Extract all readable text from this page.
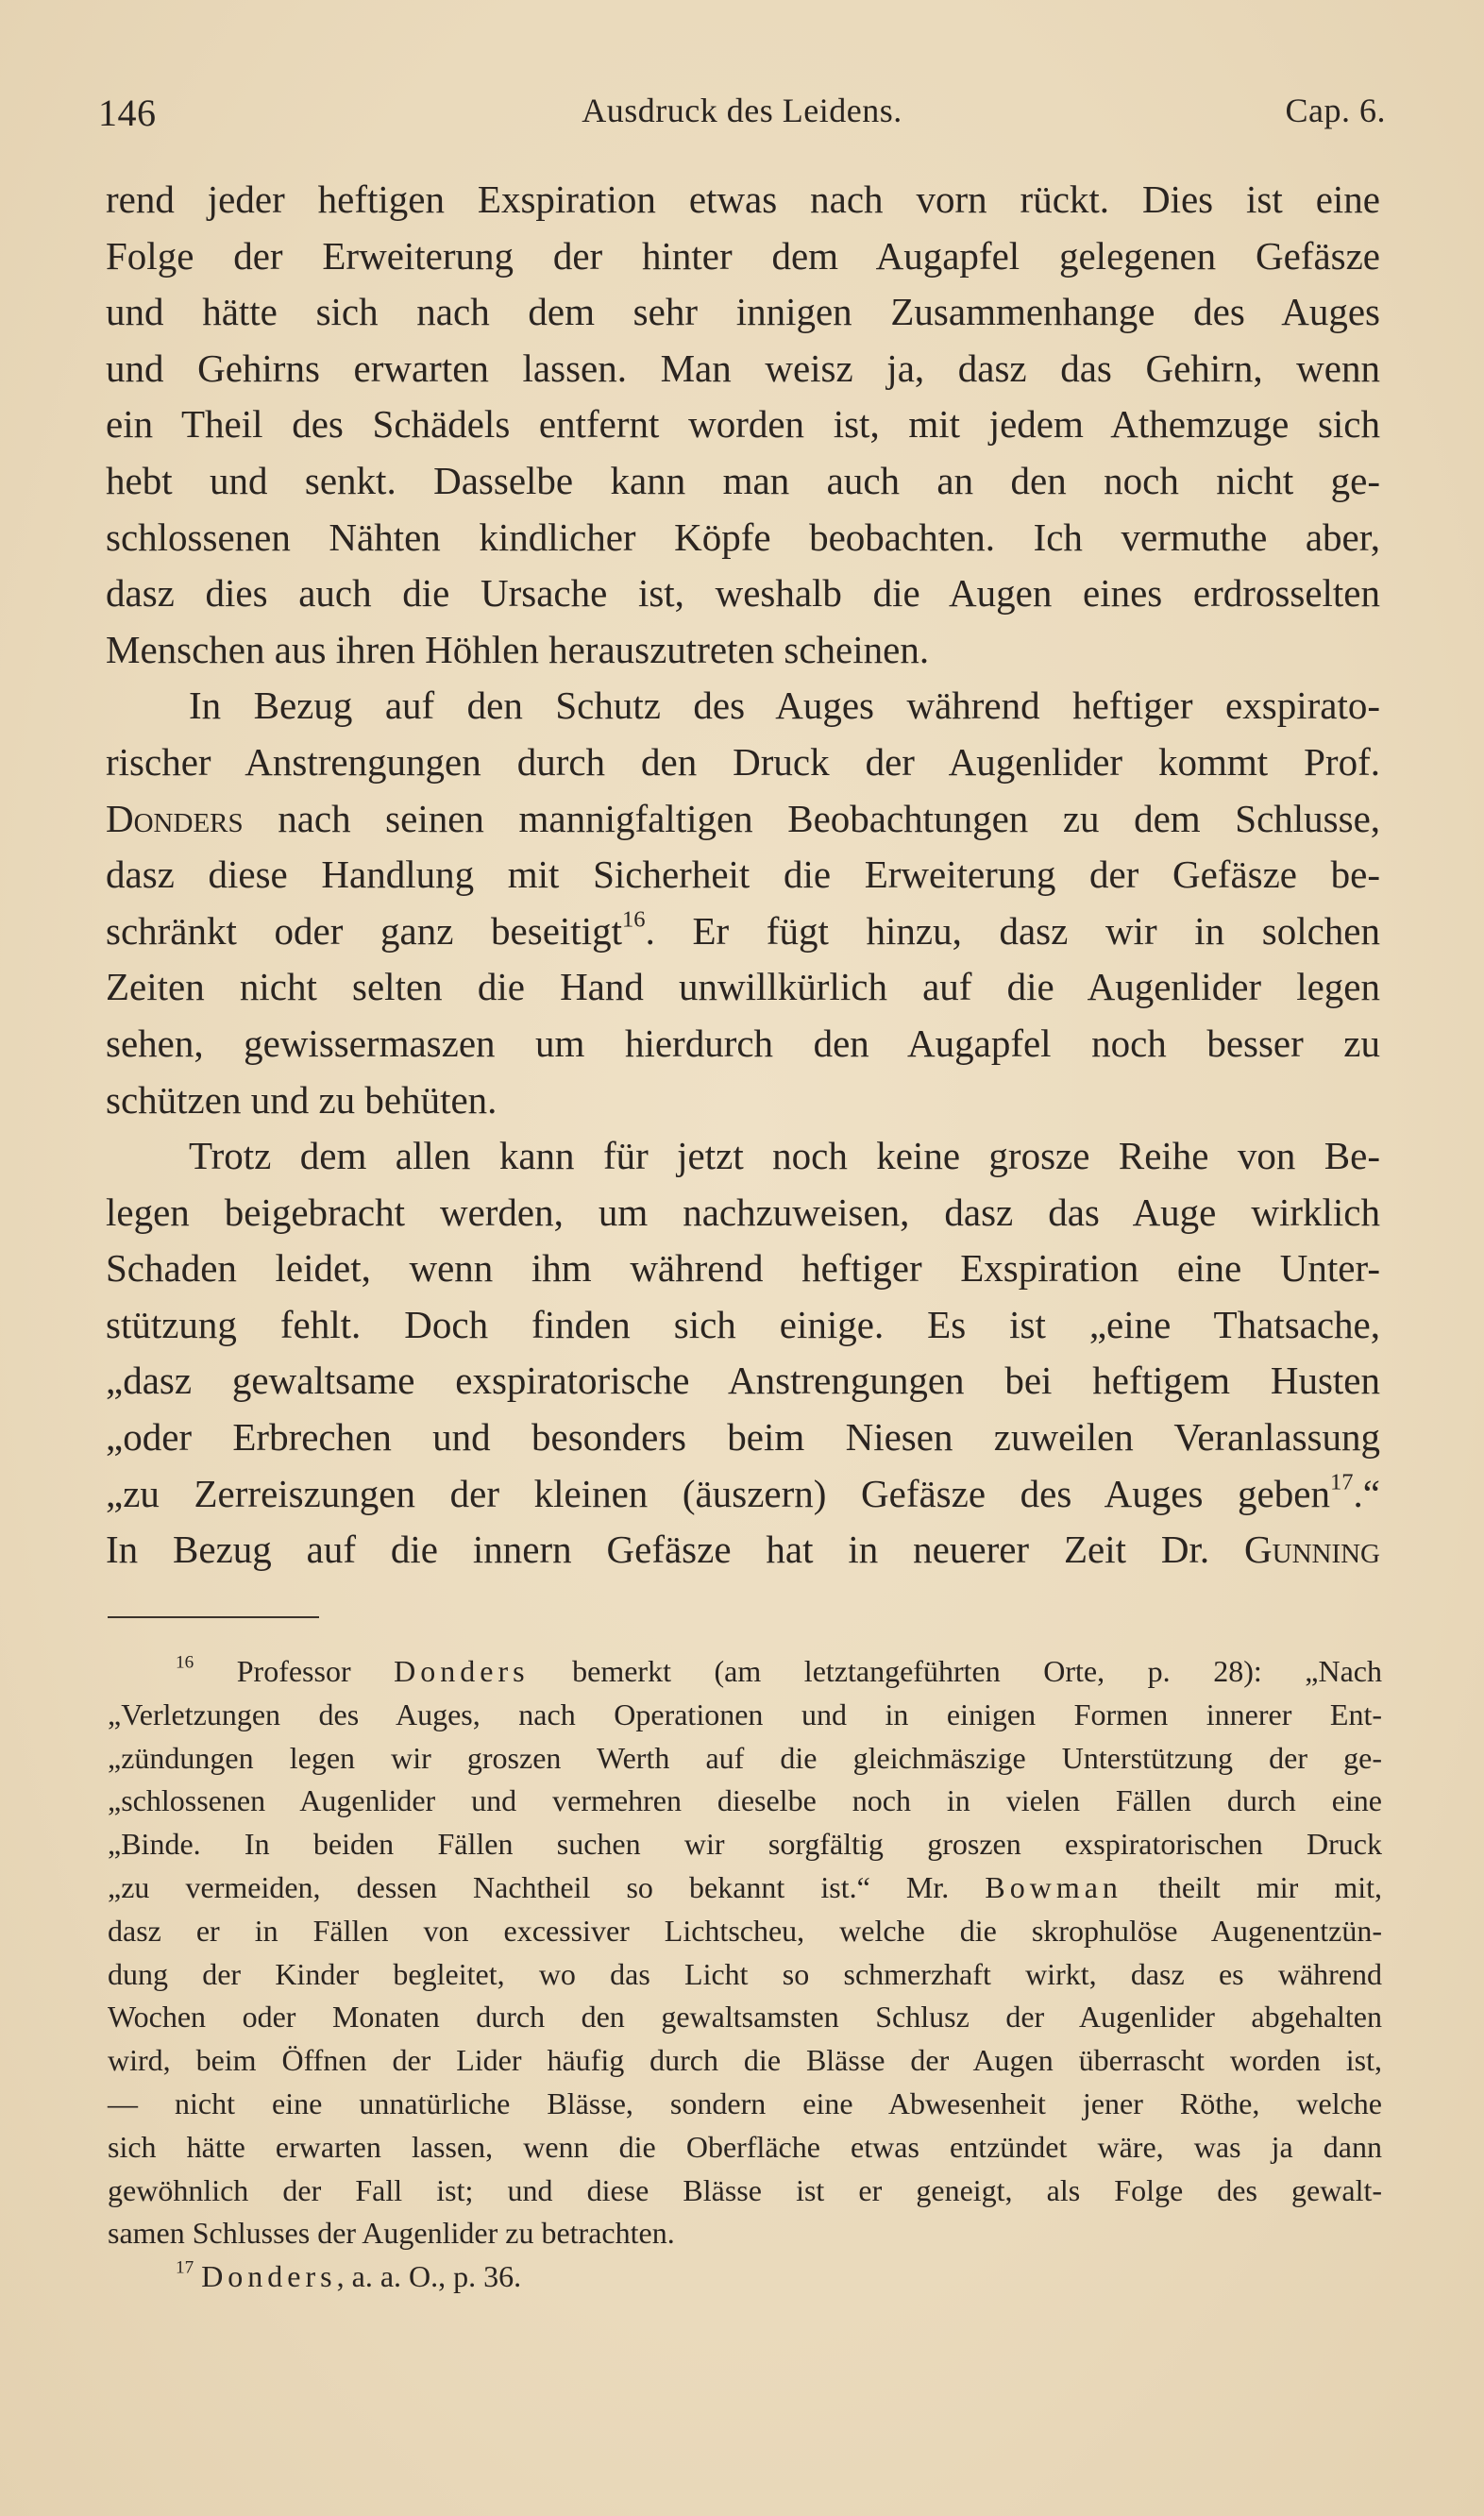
146	Ausdruck des Leidens.	Cap. 6.
rend jeder heftigen Exspiration etwas nach vorn rückt. Dies ist eine
Folge der Erweiterung der hinter dem Augapfel gelegenen Gefäsze
und hätte sich nach dem sehr innigen Zusammenhange des Auges
und Gehirns erwarten lassen. Man weisz ja, dasz das Gehirn, wenn
ein Theil des Schädels entfernt worden ist, mit jedem Athemzuge sich
hebt und senkt. Dasselbe kann man auch an den noch nicht ge-
schlossenen Nähten kindlicher Köpfe beobachten. Ich vermuthe aber,
dasz dies auch die Ursache ist, weshalb die Augen eines erdrosselten
Menschen aus ihren Höhlen herauszutreten scheinen.
In Bezug auf den Schutz des Auges während heftiger exspirato-
rischer Anstrengungen durch den Druck der Augenlider kommt Prof.
Donders nach seinen mannigfaltigen Beobachtungen zu dem Schlusse,
dasz diese Handlung mit Sicherheit die Erweiterung der Gefäsze be-
schränkt oder ganz beseitigt$^{16}$. Er fügt hinzu, dasz wir in solchen
Zeiten nicht selten die Hand unwillkürlich auf die Augenlider legen
sehen, gewissermaszen um hierdurch den Augapfel noch besser zu
schützen und zu behüten.
Trotz dem allen kann für jetzt noch keine grosze Reihe von Be-
legen beigebracht werden, um nachzuweisen, dasz das Auge wirklich
Schaden leidet, wenn ihm während heftiger Exspiration eine Unter-
stützung fehlt. Doch finden sich einige. Es ist „eine Thatsache,
„dasz gewaltsame exspiratorische Anstrengungen bei heftigem Husten
„oder Erbrechen und besonders beim Niesen zuweilen Veranlassung
„zu Zerreiszungen der kleinen (äuszern) Gefäsze des Auges geben$^{17}$.“
In Bezug auf die innern Gefäsze hat in neuerer Zeit Dr. Gunning
$^{16}$ Professor Donders bemerkt (am letztangeführten Orte, p. 28): „Nach
„Verletzungen des Auges, nach Operationen und in einigen Formen innerer Ent-
„zündungen legen wir groszen Werth auf die gleichmäszige Unterstützung der ge-
„schlossenen Augenlider und vermehren dieselbe noch in vielen Fällen durch eine
„Binde. In beiden Fällen suchen wir sorgfältig groszen exspiratorischen Druck
„zu vermeiden, dessen Nachtheil so bekannt ist.“ Mr. Bowman theilt mir mit,
dasz er in Fällen von excessiver Lichtscheu, welche die skrophulöse Augenentzün-
dung der Kinder begleitet, wo das Licht so schmerzhaft wirkt, dasz es während
Wochen oder Monaten durch den gewaltsamsten Schlusz der Augenlider abgehalten
wird, beim Öffnen der Lider häufig durch die Blässe der Augen überrascht worden ist,
— nicht eine unnatürliche Blässe, sondern eine Abwesenheit jener Röthe, welche
sich hätte erwarten lassen, wenn die Oberfläche etwas entzündet wäre, was ja dann
gewöhnlich der Fall ist; und diese Blässe ist er geneigt, als Folge des gewalt-
samen Schlusses der Augenlider zu betrachten.
$^{17}$ Donders, a. a. O., p. 36.
